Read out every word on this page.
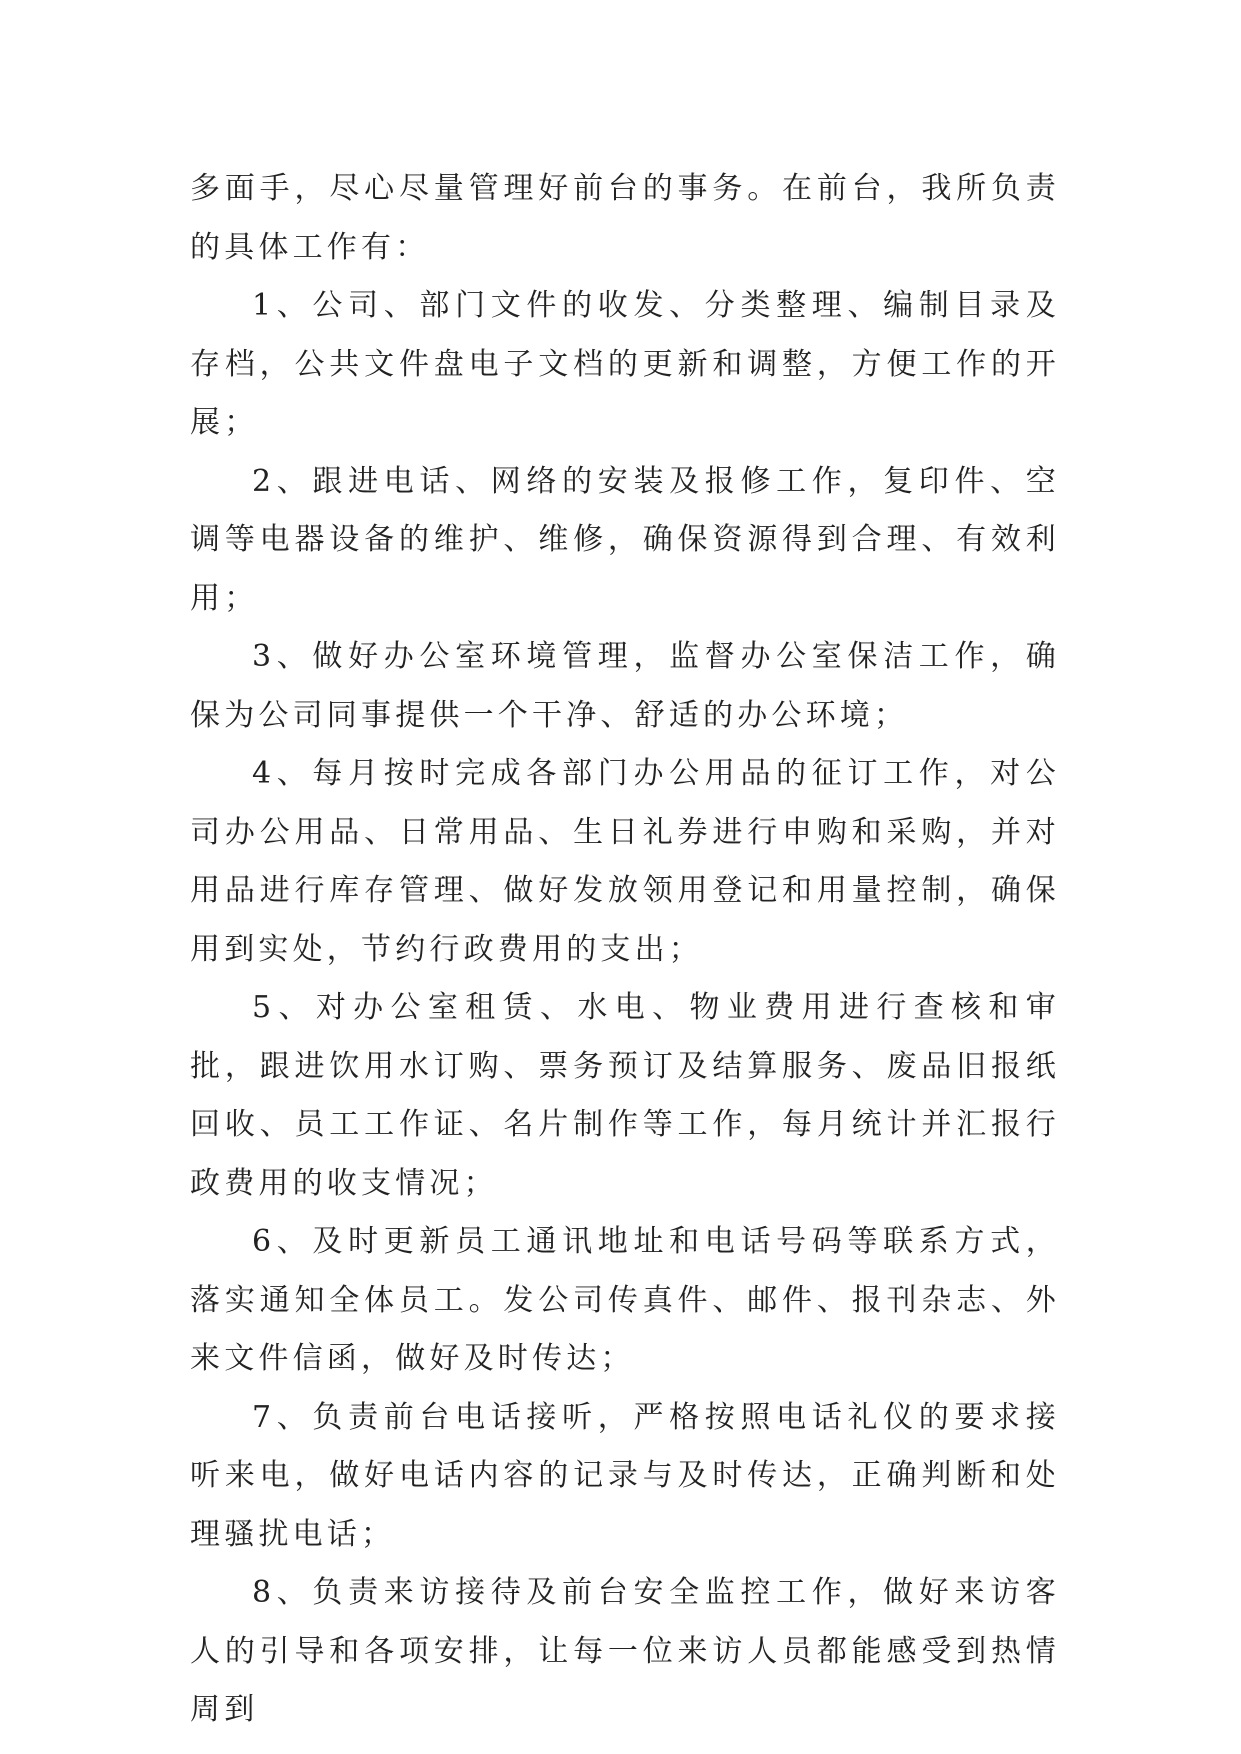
多面手，尽心尽量管理好前台的事务。在前台，我所负责的具体工作有：

1、公司、部门文件的收发、分类整理、编制目录及存档，公共文件盘电子文档的更新和调整，方便工作的开展；

2、跟进电话、网络的安装及报修工作，复印件、空调等电器设备的维护、维修，确保资源得到合理、有效利用；

3、做好办公室环境管理，监督办公室保洁工作，确保为公司同事提供一个干净、舒适的办公环境；

4、每月按时完成各部门办公用品的征订工作，对公司办公用品、日常用品、生日礼券进行申购和采购，并对用品进行库存管理、做好发放领用登记和用量控制，确保用到实处，节约行政费用的支出；

5、对办公室租赁、水电、物业费用进行查核和审批，跟进饮用水订购、票务预订及结算服务、废品旧报纸回收、员工工作证、名片制作等工作，每月统计并汇报行政费用的收支情况；

6、及时更新员工通讯地址和电话号码等联系方式，落实通知全体员工。发公司传真件、邮件、报刊杂志、外来文件信函，做好及时传达；

7、负责前台电话接听，严格按照电话礼仪的要求接听来电，做好电话内容的记录与及时传达，正确判断和处理骚扰电话；

8、负责来访接待及前台安全监控工作，做好来访客人的引导和各项安排，让每一位来访人员都能感受到热情周到
